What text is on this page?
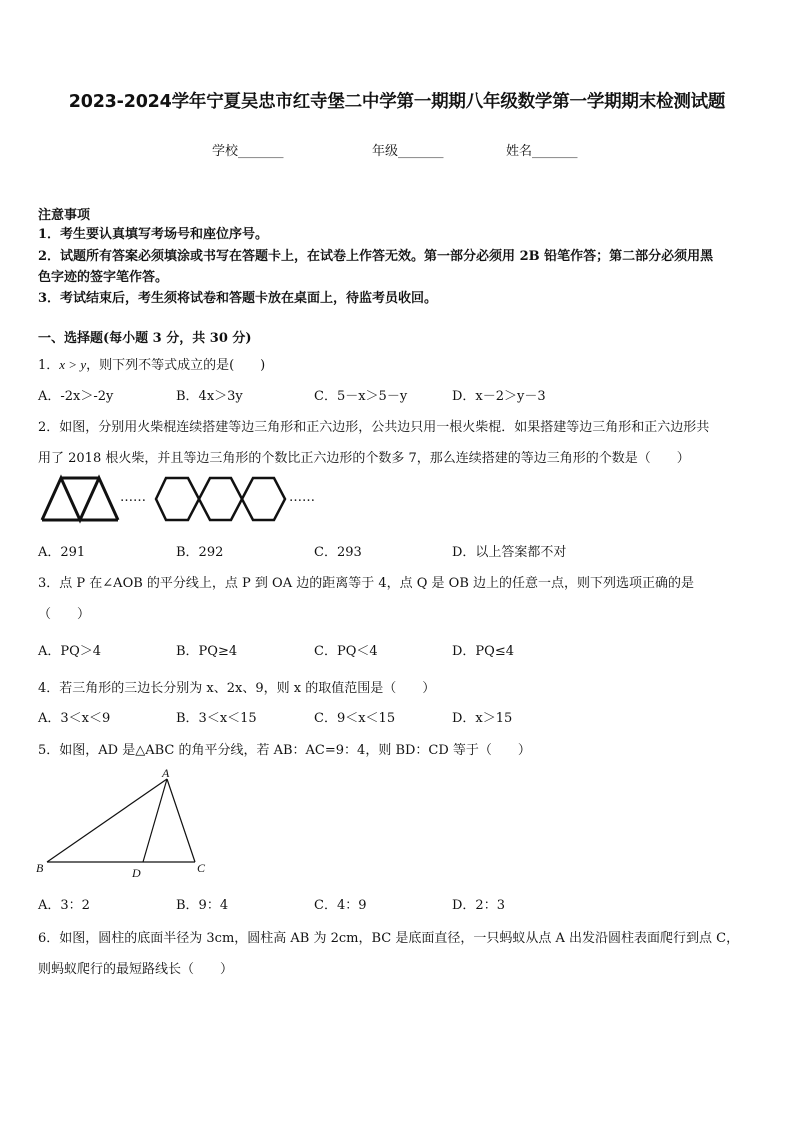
2023-2024学年宁夏吴忠市红寺堡二中学第一期期八年级数学第一学期期末检测试题
学校_______	年级_______	姓名_______
注意事项
1．考生要认真填写考场号和座位序号。
2．试题所有答案必须填涂或书写在答题卡上，在试卷上作答无效。第一部分必须用 2B 铅笔作答；第二部分必须用黑
色字迹的签字笔作答。
3．考试结束后，考生须将试卷和答题卡放在桌面上，待监考员收回。
一、选择题(每小题 3 分，共 30 分)
1．x > y，则下列不等式成立的是(　　)
A．-2x＞-2y	B．4x＞3y	C．5－x＞5－y	D．x－2＞y－3
2．如图，分别用火柴棍连续搭建等边三角形和正六边形，公共边只用一根火柴棍．如果搭建等边三角形和正六边形共
用了 2018 根火柴，并且等边三角形的个数比正六边形的个数多 7，那么连续搭建的等边三角形的个数是（　　）
……	……
A．291	B．292	C．293	D．以上答案都不对
3．点 P 在∠AOB 的平分线上，点 P 到 OA 边的距离等于 4，点 Q 是 OB 边上的任意一点，则下列选项正确的是
（　　）
A．PQ＞4	B．PQ≥4	C．PQ＜4	D．PQ≤4
4．若三角形的三边长分别为 x、2x、9，则 x 的取值范围是（　　）
A．3＜x＜9	B．3＜x＜15	C．9＜x＜15	D．x＞15
5．如图，AD 是△ABC 的角平分线，若 AB：AC=9：4，则 BD：CD 等于（　　）
A
B	C
D
A．3：2	B．9：4	C．4：9	D．2：3
6．如图，圆柱的底面半径为 3cm，圆柱高 AB 为 2cm，BC 是底面直径，一只蚂蚁从点 A 出发沿圆柱表面爬行到点 C，
则蚂蚁爬行的最短路线长（　　）
